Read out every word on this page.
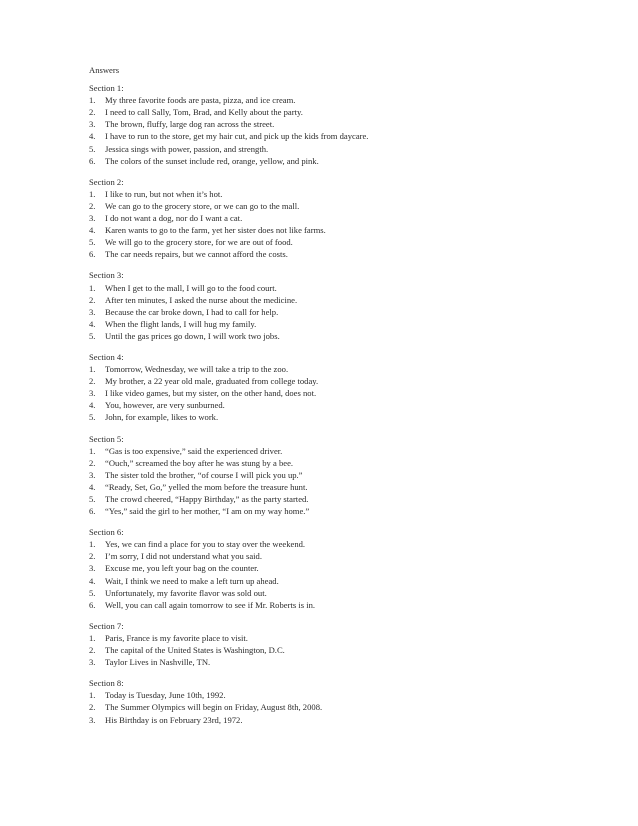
Answers
Section 1:
1.	My three favorite foods are pasta, pizza, and ice cream.
2.	I need to call Sally, Tom, Brad, and Kelly about the party.
3.	The brown, fluffy, large dog ran across the street.
4.	I have to run to the store, get my hair cut, and pick up the kids from daycare.
5.	Jessica sings with power, passion, and strength.
6.	The colors of the sunset include red, orange, yellow, and pink.
Section 2:
1.	I like to run, but not when it’s hot.
2.	We can go to the grocery store, or we can go to the mall.
3.	I do not want a dog, nor do I want a cat.
4.	Karen wants to go to the farm, yet her sister does not like farms.
5.	We will go to the grocery store, for we are out of food.
6.	The car needs repairs, but we cannot afford the costs.
Section 3:
1.	When I get to the mall, I will go to the food court.
2.	After ten minutes, I asked the nurse about the medicine.
3.	Because the car broke down, I had to call for help.
4.	When the flight lands, I will hug my family.
5.	Until the gas prices go down, I will work two jobs.
Section 4:
1.	Tomorrow, Wednesday, we will take a trip to the zoo.
2.	My brother, a 22 year old male, graduated from college today.
3.	I like video games, but my sister, on the other hand, does not.
4.	You, however, are very sunburned.
5.	John, for example, likes to work.
Section 5:
1.	“Gas is too expensive,” said the experienced driver.
2.	“Ouch,” screamed the boy after he was stung by a bee.
3.	The sister told the brother, “of course I will pick you up.”
4.	“Ready, Set, Go,” yelled the mom before the treasure hunt.
5.	The crowd cheered, “Happy Birthday,” as the party started.
6.	“Yes,” said the girl to her mother, “I am on my way home.”
Section 6:
1.	Yes, we can find a place for you to stay over the weekend.
2.	I’m sorry, I did not understand what you said.
3.	Excuse me, you left your bag on the counter.
4.	Wait, I think we need to make a left turn up ahead.
5.	Unfortunately, my favorite flavor was sold out.
6.	Well, you can call again tomorrow to see if Mr. Roberts is in.
Section 7:
1.	Paris, France is my favorite place to visit.
2.	The capital of the United States is Washington, D.C.
3.	Taylor Lives in Nashville, TN.
Section 8:
1.	Today is Tuesday, June 10th, 1992.
2.	The Summer Olympics will begin on Friday, August 8th, 2008.
3.	His Birthday is on February 23rd, 1972.
